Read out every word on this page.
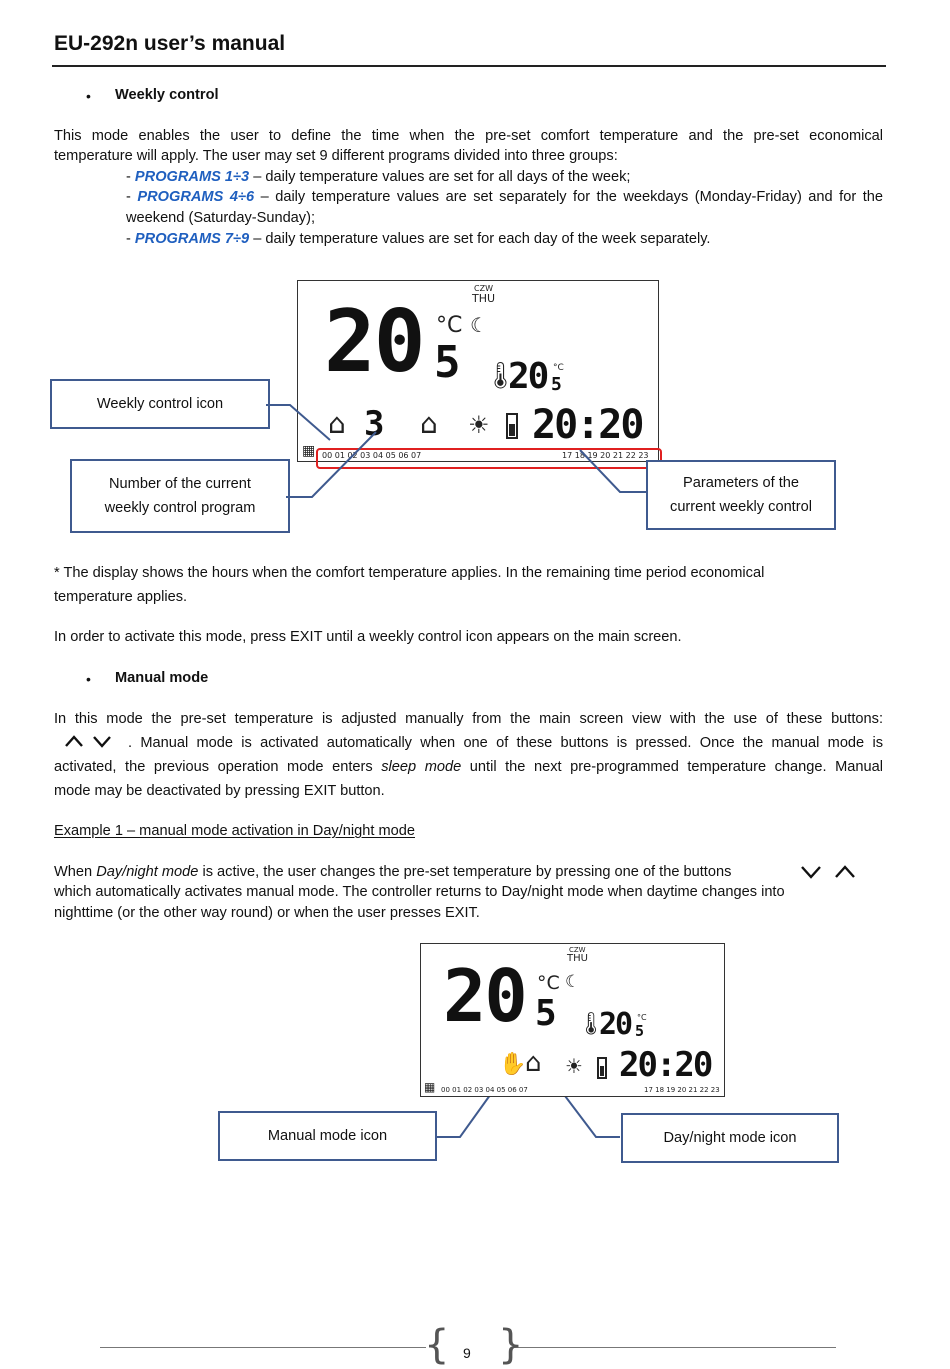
EU-292n user’s manual
• Weekly control
This mode enables the user to define the time when the pre-set comfort temperature and the pre-set economical
temperature will apply. The user may set 9 different programs divided into three groups:
- PROGRAMS 1÷3 – daily temperature values are set for all days of the week;
- PROGRAMS 4÷6 – daily temperature values are set separately for the weekdays (Monday-Friday) and for the
weekend (Saturday-Sunday);
- PROGRAMS 7÷9 – daily temperature values are set for each day of the week separately.
CZW
THU
20 5
°C ☾
🌡
20 5
°C
⌂ 3 ⌂ ☀ 20:20
▦ 00 01 02 03 04 05 06 07	17 18 19 20 21 22 23
Weekly control icon
Number of the current
weekly control program
Parameters of the
current weekly control
* The display shows the hours when the comfort temperature applies. In the remaining time period economical
temperature applies.
In order to activate this mode, press EXIT until a weekly control icon appears on the main screen.
• Manual mode
In this mode the pre-set temperature is adjusted manually from the main screen view with the use of these buttons:
. Manual mode is activated automatically when one of these buttons is pressed. Once the manual mode is
activated, the previous operation mode enters sleep mode until the next pre-programmed temperature change. Manual
mode may be deactivated by pressing EXIT button.
Example 1 – manual mode activation in Day/night mode
When Day/night mode is active, the user changes the pre-set temperature by pressing one of the buttons
which automatically activates manual mode. The controller returns to Day/night mode when daytime changes into
nighttime (or the other way round) or when the user presses EXIT.
CZW
THU
20 5
°C ☾
🌡
20 5
°C
✋
⌂ ☀ 20:20
▦ 00 01 02 03 04 05 06 07	17 18 19 20 21 22 23
Manual mode icon	Day/night mode icon
{ }
9
